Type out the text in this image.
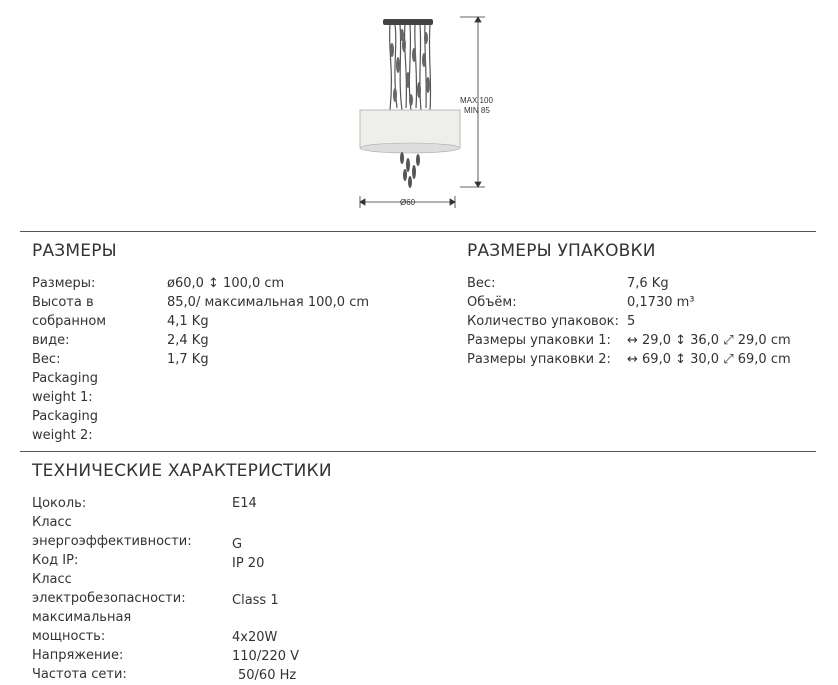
MAX 100
MIN 85
Ø60
РАЗМЕРЫ
Размеры:
Высота в
собранном
виде:
Вес:
Packaging
weight 1:
Packaging
weight 2:
ø60,0 ↕ 100,0 cm
85,0/ максимальная 100,0 cm
4,1 Kg
2,4 Kg
1,7 Kg
РАЗМЕРЫ УПАКОВКИ
Вес:
Объём:
Количество упаковок:
Размеры упаковки 1:
Размеры упаковки 2:
7,6 Kg
0,1730 m³
5
↔ 29,0 ↕ 36,0 ⤢ 29,0 cm
↔ 69,0 ↕ 30,0 ⤢ 69,0 cm
ТЕХНИЧЕСКИЕ ХАРАКТЕРИСТИКИ
Цоколь:
Класс
энергоэффективности:
Код IP:
Класс
электробезопасности:
максимальная
мощность:
Напряжение:
Частота сети:
E14
G
IP 20
Class 1
4x20W
110/220 V
50/60 Hz
